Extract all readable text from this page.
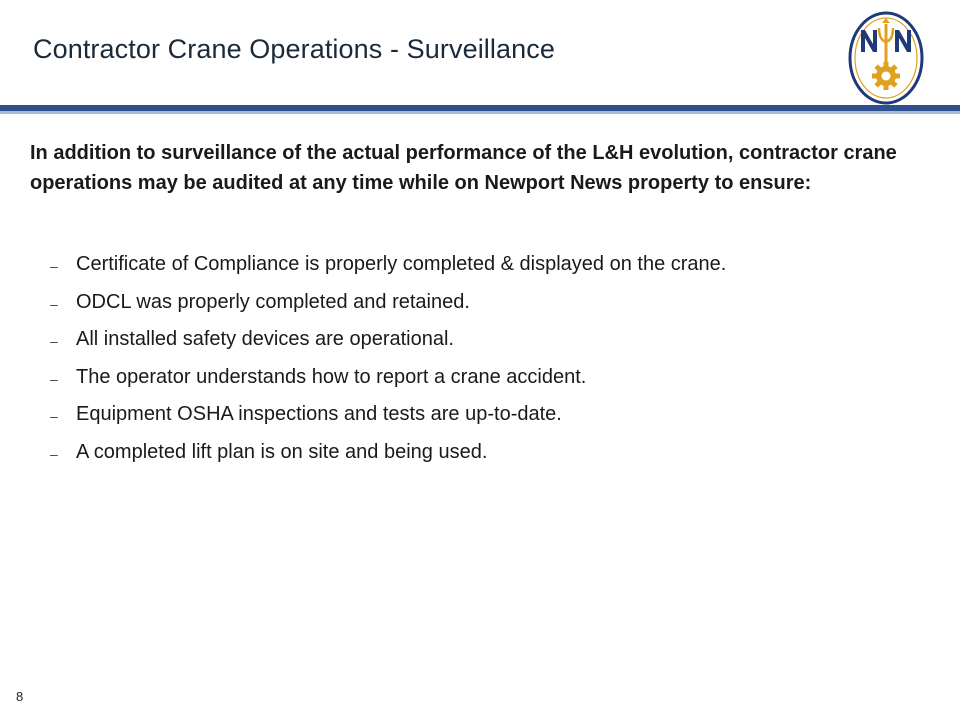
Contractor Crane Operations - Surveillance

In addition to surveillance of the actual performance of the L&H evolution, contractor crane operations may be audited at any time while on Newport News property to ensure:

– Certificate of Compliance is properly completed & displayed on the crane.
– ODCL was properly completed and retained.
– All installed safety devices are operational.
– The operator understands how to report a crane accident.
– Equipment OSHA inspections and tests are up-to-date.
– A completed lift plan is on site and being used.
8
